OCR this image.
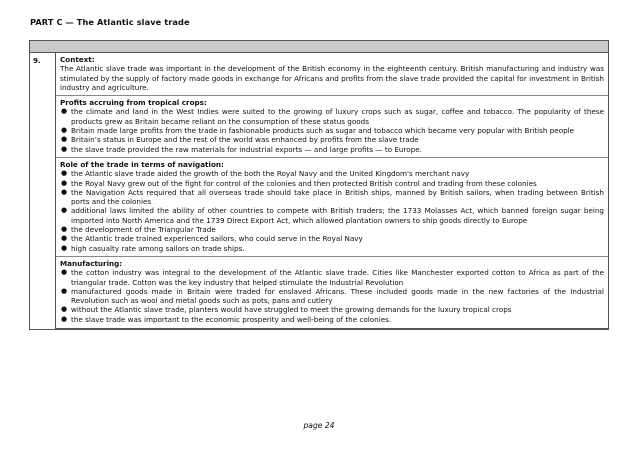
PART C — The Atlantic slave trade
9.	Context:
The Atlantic slave trade was important in the development of the British economy in the eighteenth century. British manufacturing and industry was stimulated by the supply of factory made goods in exchange for Africans and profits from the slave trade provided the capital for investment in British industry and agriculture.
Profits accruing from tropical crops:
● the climate and land in the West Indies were suited to the growing of luxury crops such as sugar, coffee and tobacco. The popularity of these products grew as Britain became reliant on the consumption of these status goods
● Britain made large profits from the trade in fashionable products such as sugar and tobacco which became very popular with British people
● Britain’s status in Europe and the rest of the world was enhanced by profits from the slave trade
● the slave trade provided the raw materials for industrial exports — and large profits — to Europe.
Role of the trade in terms of navigation:
● the Atlantic slave trade aided the growth of the both the Royal Navy and the United Kingdom's merchant navy
● the Royal Navy grew out of the fight for control of the colonies and then protected British control and trading from these colonies
● the Navigation Acts required that all overseas trade should take place in British ships, manned by British sailors, when trading between British ports and the colonies
● additional laws limited the ability of other countries to compete with British traders; the 1733 Molasses Act, which banned foreign sugar being imported into North America and the 1739 Direct Export Act, which allowed plantation owners to ship goods directly to Europe
● the development of the Triangular Trade
● the Atlantic trade trained experienced sailors, who could serve in the Royal Navy
● high casualty rate among sailors on trade ships.
Manufacturing:
● the cotton industry was integral to the development of the Atlantic slave trade. Cities like Manchester exported cotton to Africa as part of the triangular trade. Cotton was the key industry that helped stimulate the Industrial Revolution
● manufactured goods made in Britain were traded for enslaved Africans. These included goods made in the new factories of the Industrial Revolution such as wool and metal goods such as pots, pans and cutlery
● without the Atlantic slave trade, planters would have struggled to meet the growing demands for the luxury tropical crops
● the slave trade was important to the economic prosperity and well-being of the colonies.
page 24
